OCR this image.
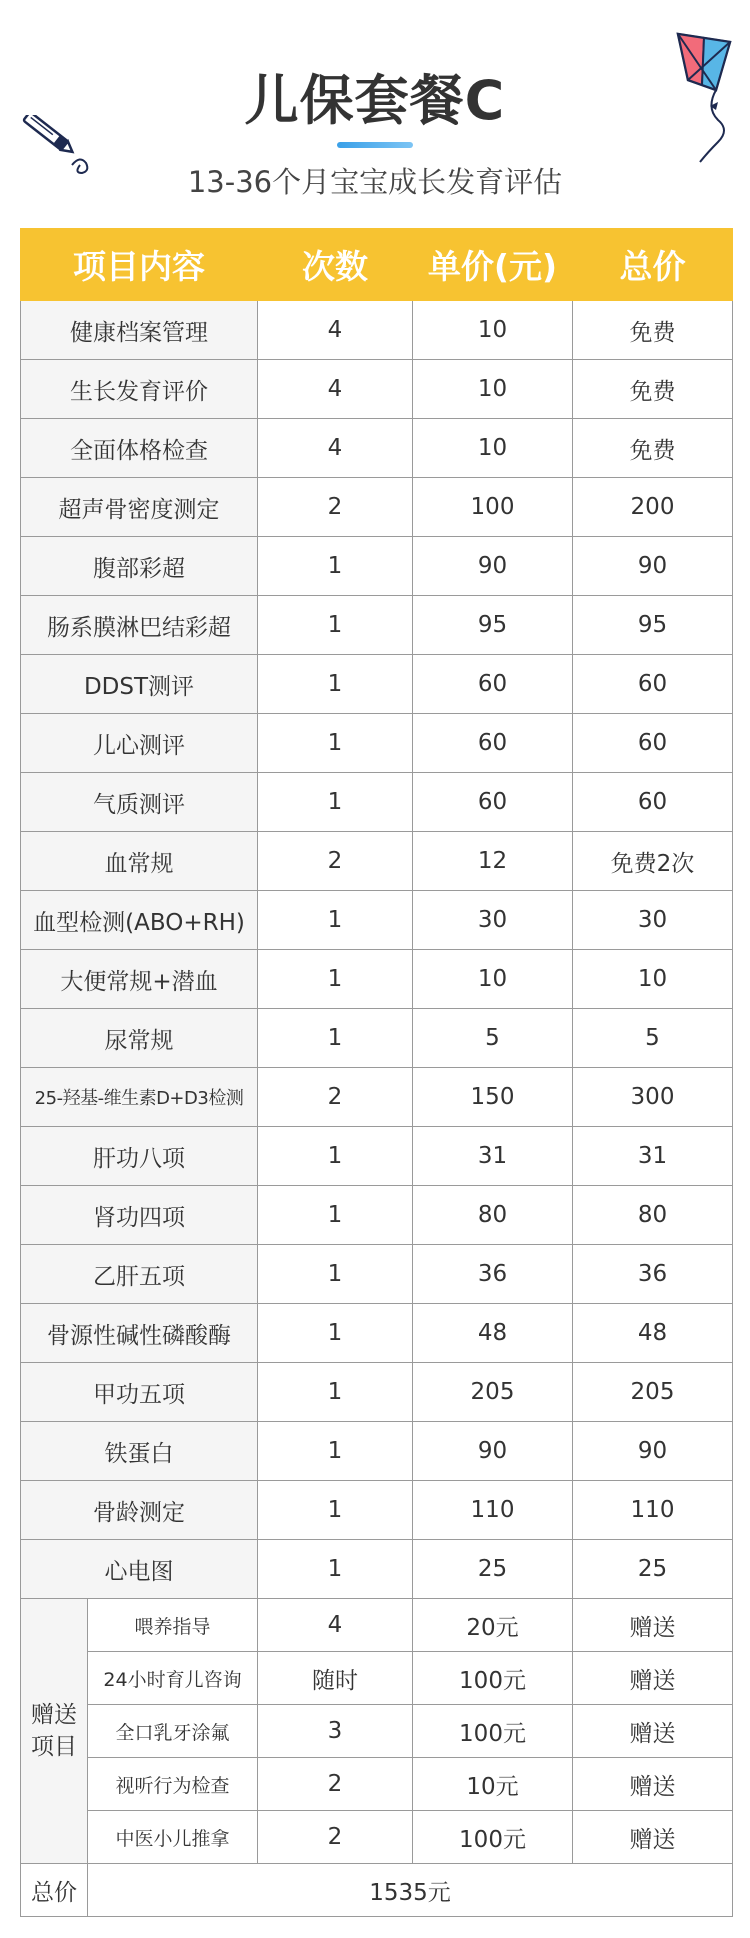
儿保套餐C
13-36个月宝宝成长发育评估
项目内容		次数	单价(元)	总价
健康档案管理		4	10	免费
生长发育评价		4	10	免费
全面体格检查		4	10	免费
超声骨密度测定		2	100	200
腹部彩超		1	90	90
肠系膜淋巴结彩超		1	95	95
DDST测评		1	60	60
儿心测评		1	60	60
气质测评		1	60	60
血常规		2	12	免费2次
血型检测(ABO+RH)		1	30	30
大便常规+潜血		1	10	10
尿常规		1	5	5
25-羟基-维生素D+D3检测		2	150	300
肝功八项		1	31	31
肾功四项		1	80	80
乙肝五项		1	36	36
骨源性碱性磷酸酶		1	48	48
甲功五项		1	205	205
铁蛋白		1	90	90
骨龄测定		1	110	110
心电图		1	25	25
赠送项目	喂养指导	4	20元	赠送
	24小时育儿咨询	随时	100元	赠送
	全口乳牙涂氟	3	100元	赠送
	视听行为检查	2	10元	赠送
	中医小儿推拿	2	100元	赠送
总价	1535元			
